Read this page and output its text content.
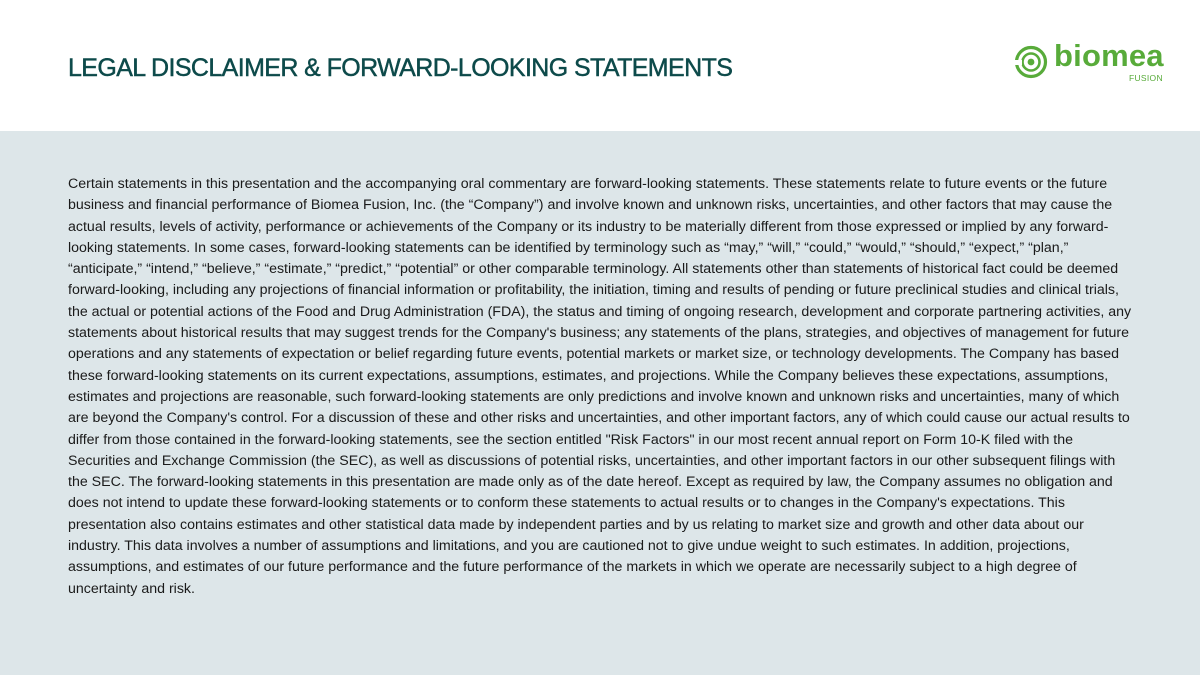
LEGAL DISCLAIMER & FORWARD-LOOKING STATEMENTS	biomea
FUSION

Certain statements in this presentation and the accompanying oral commentary are forward-looking statements. These statements relate to future events or the future business and financial performance of Biomea Fusion, Inc. (the “Company”) and involve known and unknown risks, uncertainties, and other factors that may cause the actual results, levels of activity, performance or achievements of the Company or its industry to be materially different from those expressed or implied by any forward-looking statements. In some cases, forward-looking statements can be identified by terminology such as “may,” “will,” “could,” “would,” “should,” “expect,” “plan,” “anticipate,” “intend,” “believe,” “estimate,” “predict,” “potential” or other comparable terminology. All statements other than statements of historical fact could be deemed forward-looking, including any projections of financial information or profitability, the initiation, timing and results of pending or future preclinical studies and clinical trials, the actual or potential actions of the Food and Drug Administration (FDA), the status and timing of ongoing research, development and corporate partnering activities, any statements about historical results that may suggest trends for the Company's business; any statements of the plans, strategies, and objectives of management for future operations and any statements of expectation or belief regarding future events, potential markets or market size, or technology developments. The Company has based these forward-looking statements on its current expectations, assumptions, estimates, and projections. While the Company believes these expectations, assumptions, estimates and projections are reasonable, such forward-looking statements are only predictions and involve known and unknown risks and uncertainties, many of which are beyond the Company's control. For a discussion of these and other risks and uncertainties, and other important factors, any of which could cause our actual results to differ from those contained in the forward-looking statements, see the section entitled "Risk Factors" in our most recent annual report on Form 10-K filed with the Securities and Exchange Commission (the SEC), as well as discussions of potential risks, uncertainties, and other important factors in our other subsequent filings with the SEC. The forward-looking statements in this presentation are made only as of the date hereof. Except as required by law, the Company assumes no obligation and does not intend to update these forward-looking statements or to conform these statements to actual results or to changes in the Company's expectations. This presentation also contains estimates and other statistical data made by independent parties and by us relating to market size and growth and other data about our industry. This data involves a number of assumptions and limitations, and you are cautioned not to give undue weight to such estimates. In addition, projections, assumptions, and estimates of our future performance and the future performance of the markets in which we operate are necessarily subject to a high degree of uncertainty and risk.
